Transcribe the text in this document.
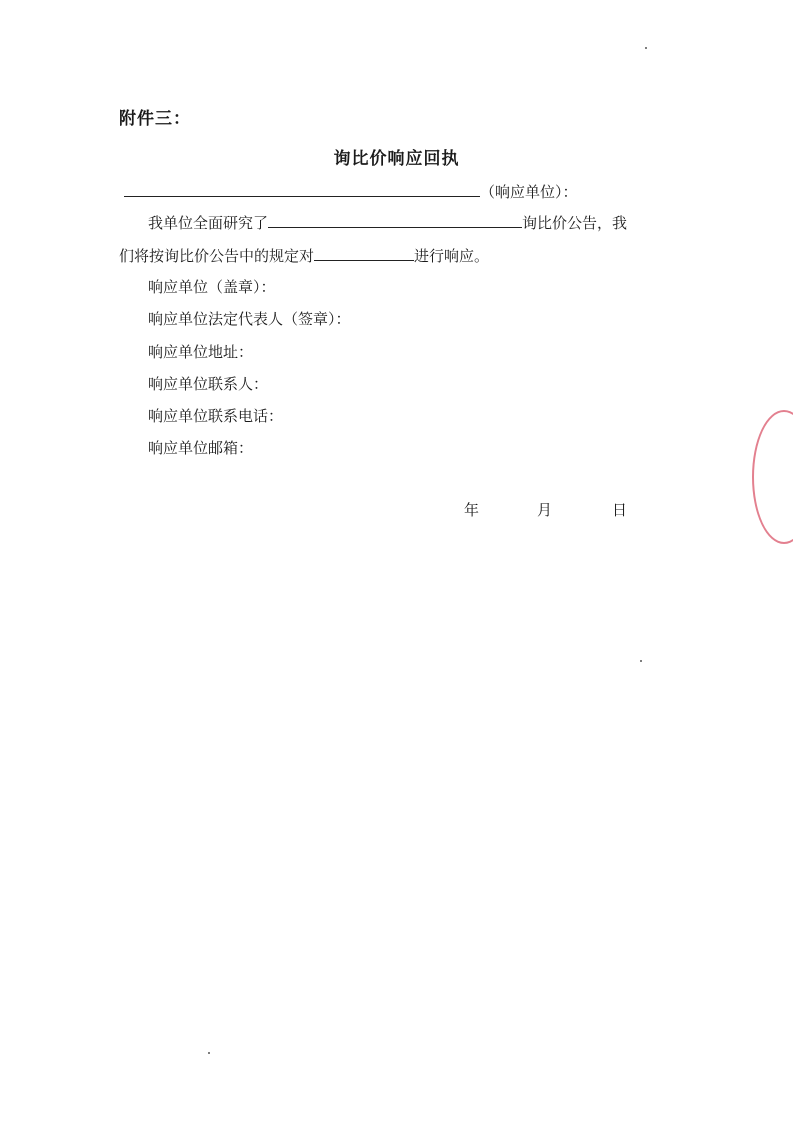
附件三：
询比价响应回执
（响应单位）：
我单位全面研究了	询比价公告，我
们将按询比价公告中的规定对	进行响应。
响应单位（盖章）：
响应单位法定代表人（签章）：
响应单位地址：
响应单位联系人：
响应单位联系电话：
响应单位邮箱：
年	月	日
